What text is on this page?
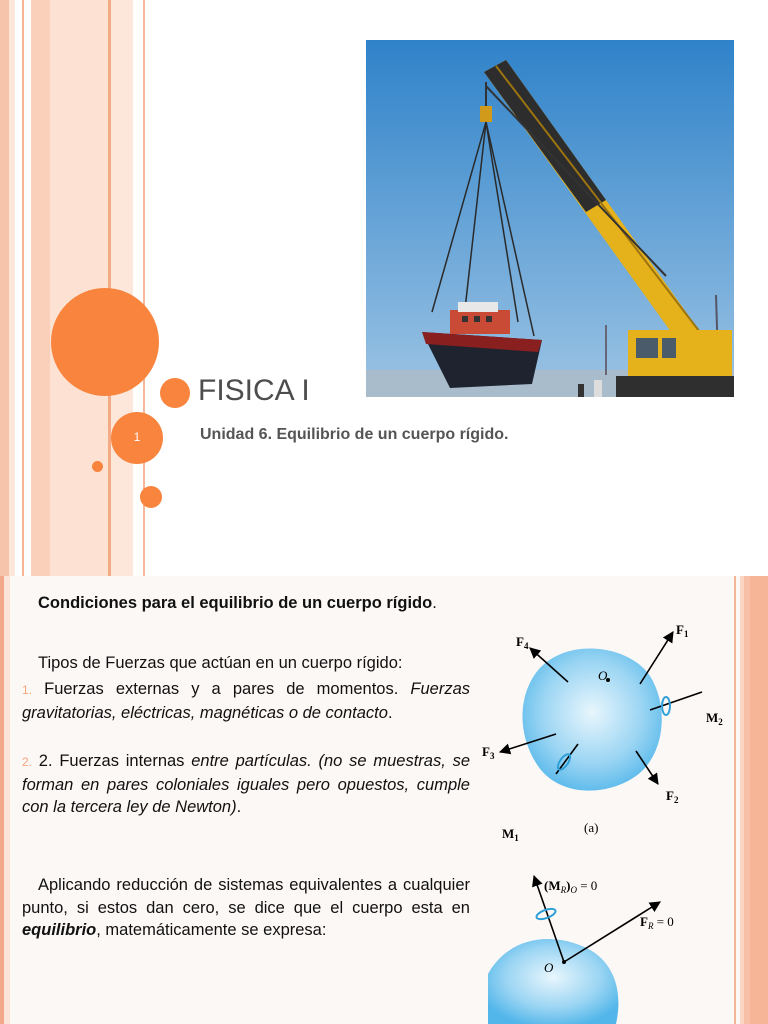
1
FISICA I

Unidad 6. Equilibrio de un cuerpo rígido.

Condiciones para el equilibrio de un cuerpo rígido.

Tipos de Fuerzas que actúan en un cuerpo rígido:

1. Fuerzas externas y a pares de momentos. Fuerzas gravitatorias, eléctricas, magnéticas o de contacto.

2. 2. Fuerzas internas entre partículas. (no se muestras, se forman en pares coloniales iguales pero opuestos, cumple con la tercera ley de Newton).

Aplicando reducción de sistemas equivalentes a cualquier punto, si estos dan cero, se dice que el cuerpo esta en equilibrio, matemáticamente se expresa:

O
$F_1$
$F_4$
$F_3$
$F_2$
$M_2$
$M_1$
(a)
O
$(M_R)_O = 0$
$F_R = 0$
